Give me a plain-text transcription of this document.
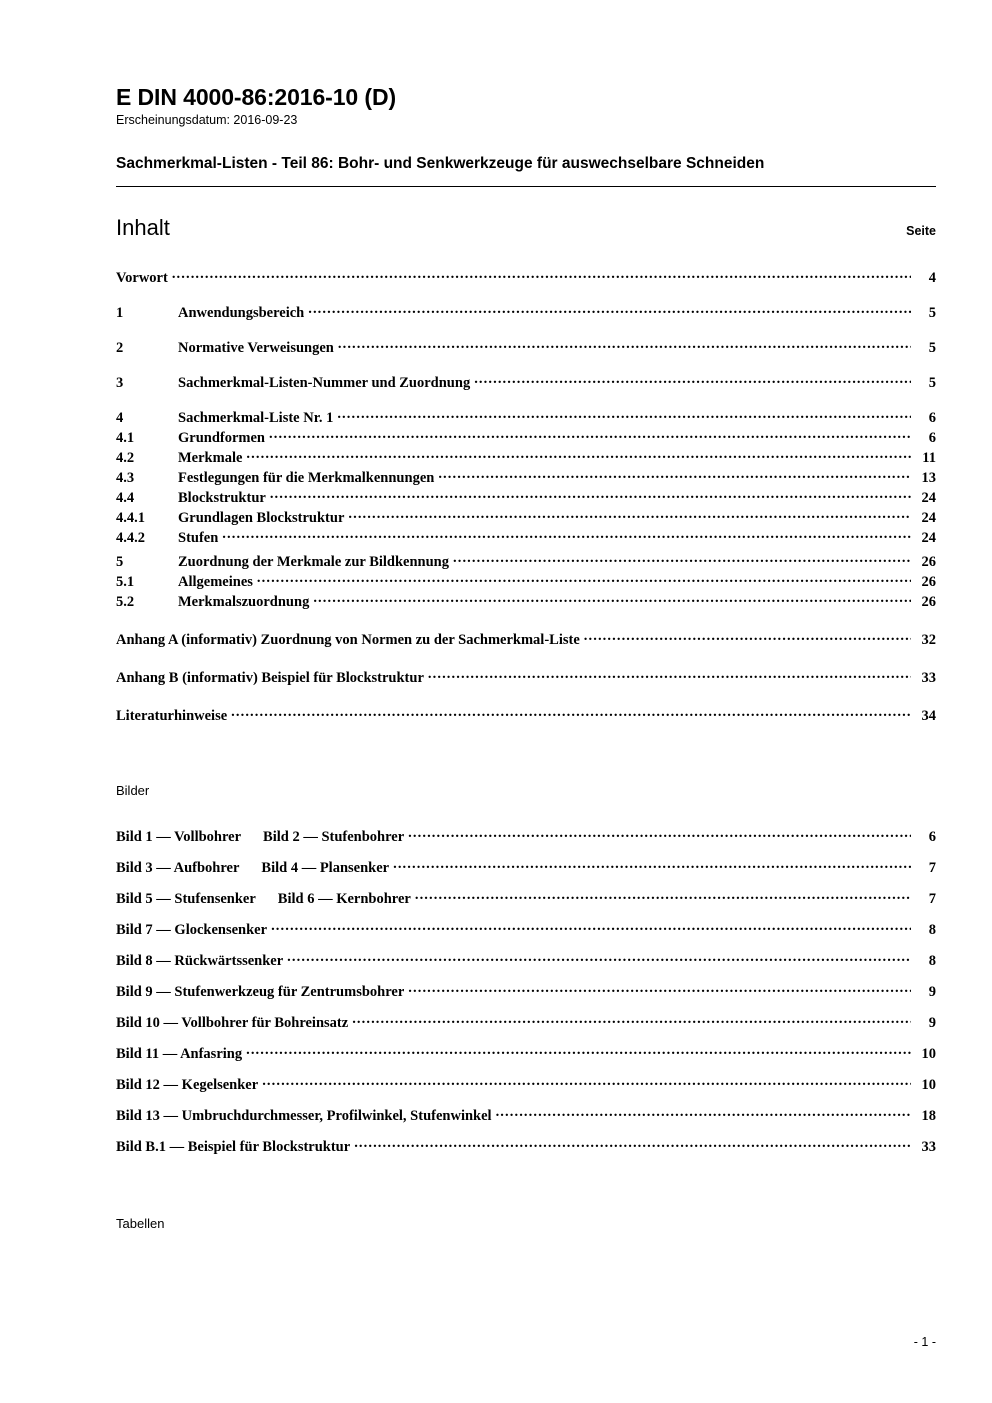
E DIN 4000-86:2016-10 (D)
Erscheinungsdatum: 2016-09-23
Sachmerkmal-Listen - Teil 86: Bohr- und Senkwerkzeuge für auswechselbare Schneiden
Inhalt	Seite
Vorwort .....	4
1	Anwendungsbereich .....	5
2	Normative Verweisungen .....	5
3	Sachmerkmal-Listen-Nummer und Zuordnung .....	5
4	Sachmerkmal-Liste Nr. 1 .....	6
4.1	Grundformen .....	6
4.2	Merkmale .....	11
4.3	Festlegungen für die Merkmalkennungen .....	13
4.4	Blockstruktur .....	24
4.4.1	Grundlagen Blockstruktur .....	24
4.4.2	Stufen .....	24
5	Zuordnung der Merkmale zur Bildkennung .....	26
5.1	Allgemeines .....	26
5.2	Merkmalszuordnung .....	26
Anhang A (informativ) Zuordnung von Normen zu der Sachmerkmal-Liste .....	32
Anhang B (informativ) Beispiel für Blockstruktur .....	33
Literaturhinweise .....	34
Bilder
Bild 1 — Vollbohrer Bild 2 — Stufenbohrer .....	6
Bild 3 — Aufbohrer Bild 4 — Plansenker .....	7
Bild 5 — Stufensenker Bild 6 — Kernbohrer .....	7
Bild 7 — Glockensenker .....	8
Bild 8 — Rückwärtssenker .....	8
Bild 9 — Stufenwerkzeug für Zentrumsbohrer .....	9
Bild 10 — Vollbohrer für Bohreinsatz .....	9
Bild 11 — Anfasring .....	10
Bild 12 — Kegelsenker .....	10
Bild 13 — Umbruchdurchmesser, Profilwinkel, Stufenwinkel .....	18
Bild B.1 — Beispiel für Blockstruktur .....	33
Tabellen
- 1 -
